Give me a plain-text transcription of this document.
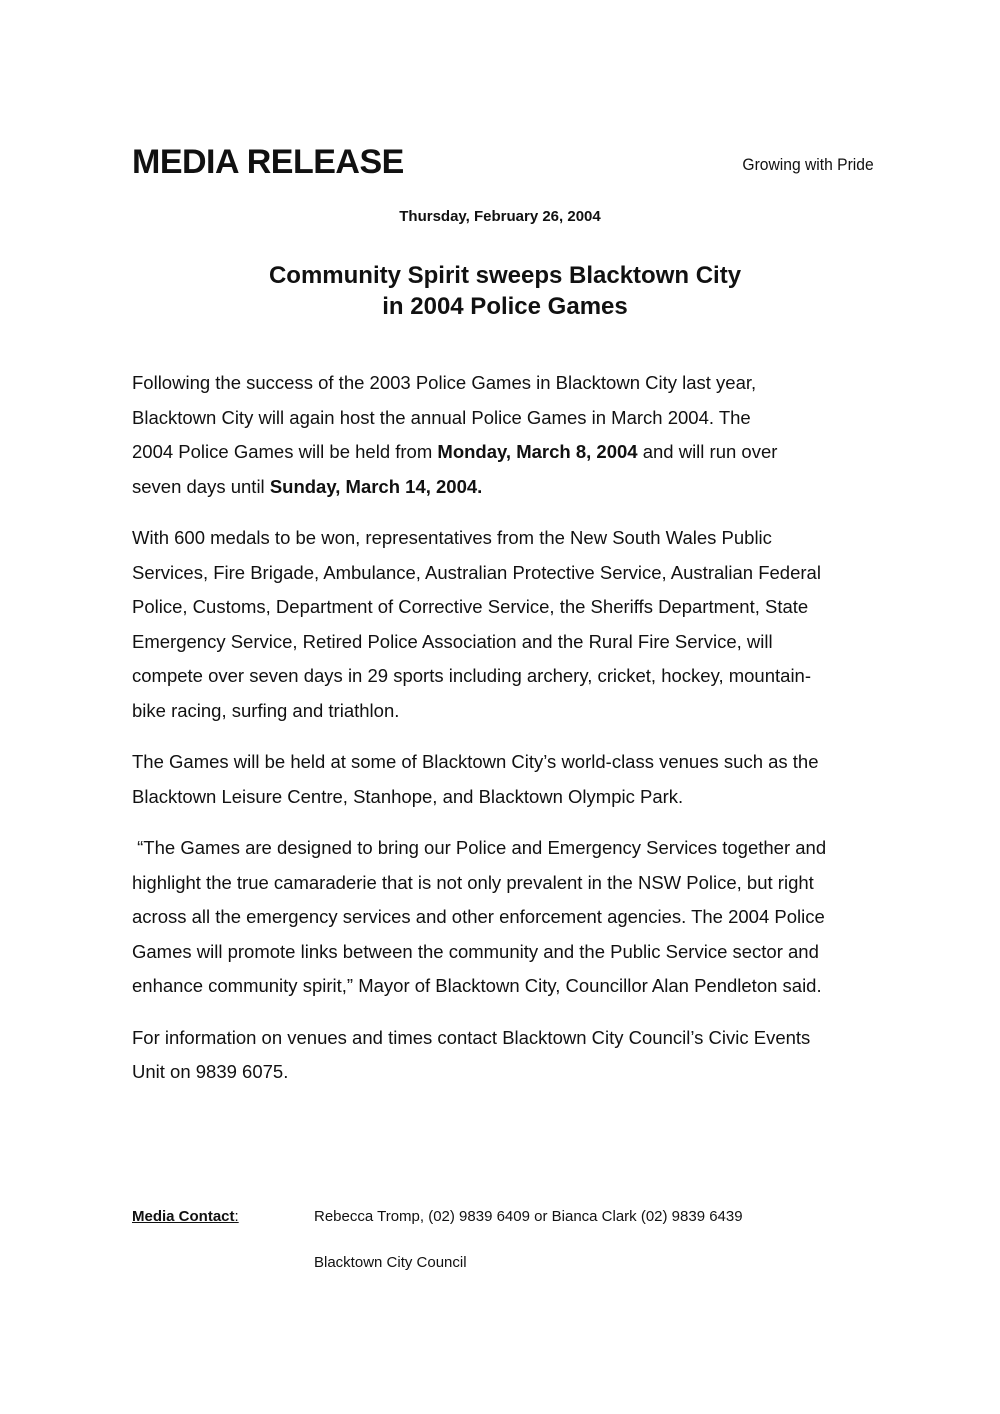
MEDIA RELEASE	Growing with Pride
Thursday, February 26, 2004
Community Spirit sweeps Blacktown City
in 2004 Police Games

Following the success of the 2003 Police Games in Blacktown City last year,
Blacktown City will again host the annual Police Games in March 2004. The
2004 Police Games will be held from Monday, March 8, 2004 and will run over
seven days until Sunday, March 14, 2004.

With 600 medals to be won, representatives from the New South Wales Public
Services, Fire Brigade, Ambulance, Australian Protective Service, Australian Federal
Police, Customs, Department of Corrective Service, the Sheriffs Department, State
Emergency Service, Retired Police Association and the Rural Fire Service, will
compete over seven days in 29 sports including archery, cricket, hockey, mountain-
bike racing, surfing and triathlon.

The Games will be held at some of Blacktown City’s world-class venues such as the
Blacktown Leisure Centre, Stanhope, and Blacktown Olympic Park.

“The Games are designed to bring our Police and Emergency Services together and
highlight the true camaraderie that is not only prevalent in the NSW Police, but right
across all the emergency services and other enforcement agencies. The 2004 Police
Games will promote links between the community and the Public Service sector and
enhance community spirit,” Mayor of Blacktown City, Councillor Alan Pendleton said.

For information on venues and times contact Blacktown City Council’s Civic Events
Unit on 9839 6075.

Media Contact:	Rebecca Tromp, (02) 9839 6409 or Bianca Clark (02) 9839 6439
Blacktown City Council
